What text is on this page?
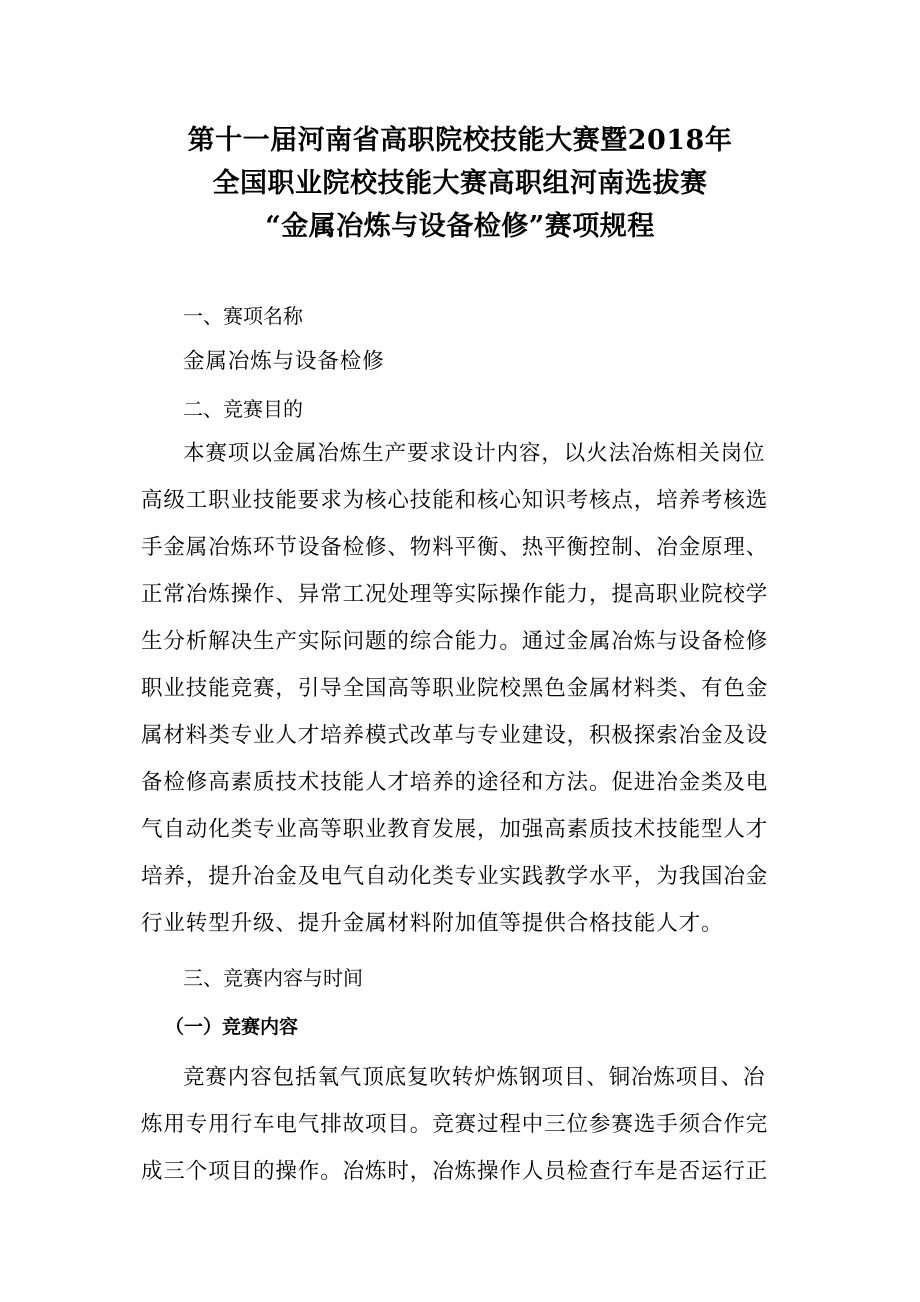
第十一届河南省高职院校技能大赛暨2018年
全国职业院校技能大赛高职组河南选拔赛
“金属冶炼与设备检修”赛项规程
一、赛项名称
金属冶炼与设备检修
二、竞赛目的
本赛项以金属冶炼生产要求设计内容，以火法冶炼相关岗位
高级工职业技能要求为核心技能和核心知识考核点，培养考核选
手金属冶炼环节设备检修、物料平衡、热平衡控制、冶金原理、
正常冶炼操作、异常工况处理等实际操作能力，提高职业院校学
生分析解决生产实际问题的综合能力。通过金属冶炼与设备检修
职业技能竞赛，引导全国高等职业院校黑色金属材料类、有色金
属材料类专业人才培养模式改革与专业建设，积极探索冶金及设
备检修高素质技术技能人才培养的途径和方法。促进冶金类及电
气自动化类专业高等职业教育发展，加强高素质技术技能型人才
培养，提升冶金及电气自动化类专业实践教学水平，为我国冶金
行业转型升级、提升金属材料附加值等提供合格技能人才。
三、竞赛内容与时间
（一）竞赛内容
竞赛内容包括氧气顶底复吹转炉炼钢项目、铜冶炼项目、冶
炼用专用行车电气排故项目。竞赛过程中三位参赛选手须合作完
成三个项目的操作。冶炼时，冶炼操作人员检查行车是否运行正
